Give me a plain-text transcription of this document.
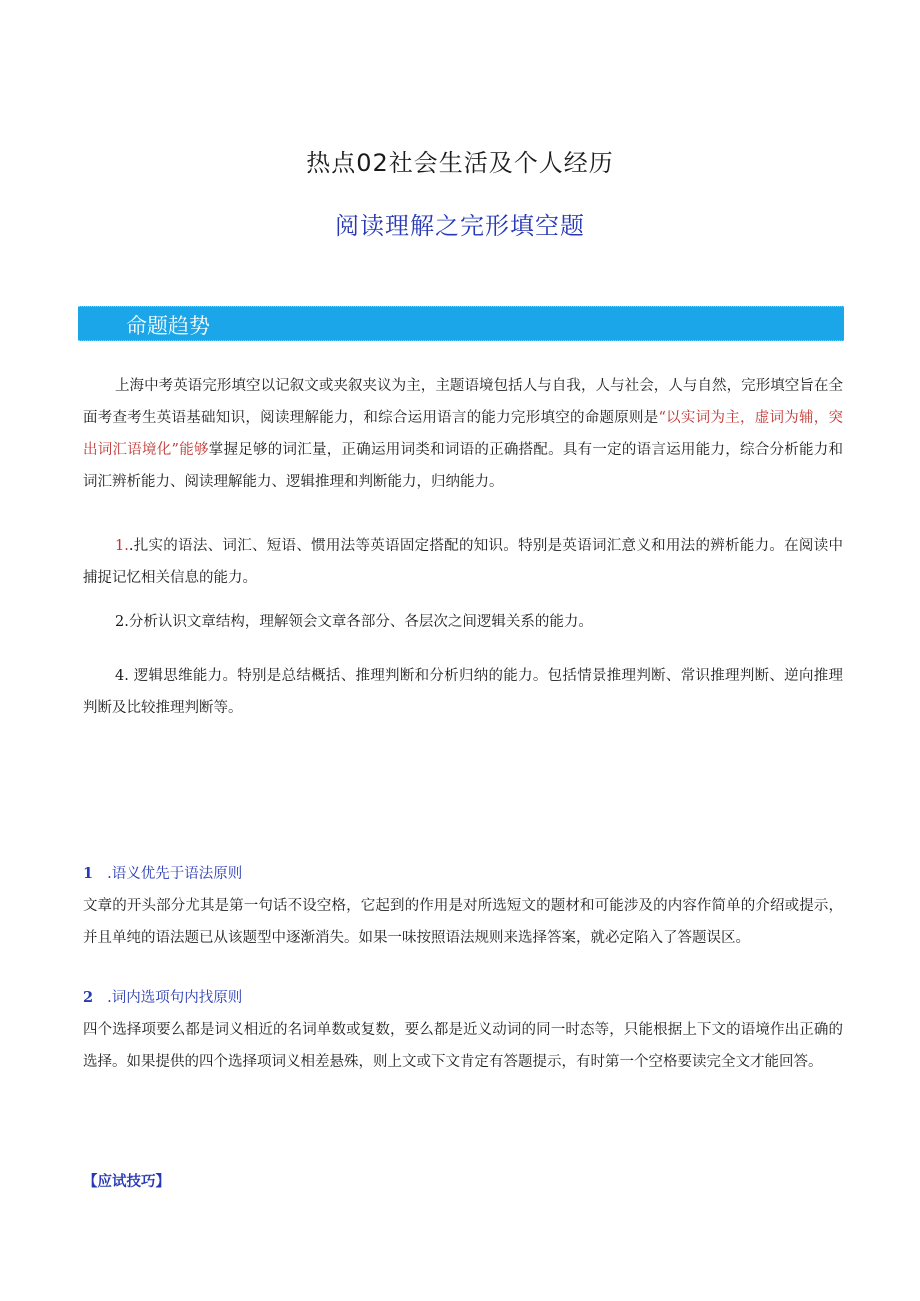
热点02社会生活及个人经历
阅读理解之完形填空题
命题趋势
上海中考英语完形填空以记叙文或夹叙夹议为主，主题语境包括人与自我，人与社会，人与自然，完形填空旨在全面考查考生英语基础知识，阅读理解能力，和综合运用语言的能力完形填空的命题原则是“以实词为主，虚词为辅，突出词汇语境化”能够掌握足够的词汇量，正确运用词类和词语的正确搭配。具有一定的语言运用能力，综合分析能力和词汇辨析能力、阅读理解能力、逻辑推理和判断能力，归纳能力。
1..扎实的语法、词汇、短语、惯用法等英语固定搭配的知识。特别是英语词汇意义和用法的辨析能力。在阅读中捕捉记忆相关信息的能力。
2.分析认识文章结构，理解领会文章各部分、各层次之间逻辑关系的能力。
4. 逻辑思维能力。特别是总结概括、推理判断和分析归纳的能力。包括情景推理判断、常识推理判断、逆向推理判断及比较推理判断等。
1 .语义优先于语法原则
文章的开头部分尤其是第一句话不设空格，它起到的作用是对所选短文的题材和可能涉及的内容作简单的介绍或提示，并且单纯的语法题已从该题型中逐渐消失。如果一味按照语法规则来选择答案，就必定陷入了答题误区。
2 .词内选项句内找原则
四个选择项要么都是词义相近的名词单数或复数，要么都是近义动词的同一时态等，只能根据上下文的语境作出正确的选择。如果提供的四个选择项词义相差悬殊，则上文或下文肯定有答题提示，有时第一个空格要读完全文才能回答。
【应试技巧】
